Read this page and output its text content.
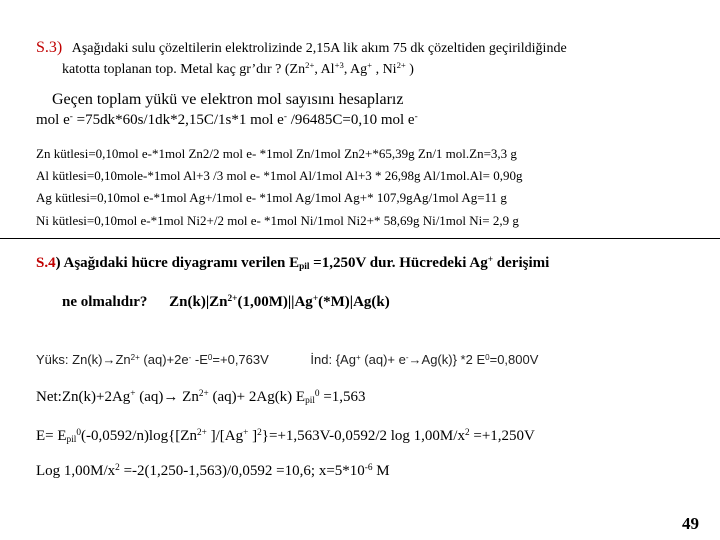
S.3) Aşağıdaki sulu çözeltilerin elektrolizinde 2,15A lik akım 75 dk çözeltiden geçirildiğinde
katotta toplanan top. Metal kaç gr’dır ? ($Zn^{2+}$, $Al^{+3}$, Ag+ , $Ni^{2+}$ )
Geçen toplam yükü ve elektron mol sayısını hesaplarız
mol e- =75dk*60s/1dk*2,15C/1s*1 mol e- /96485C=0,10 mol e-
Zn kütlesi=0,10mol e-*1mol Zn2/2 mol e- *1mol Zn/1mol Zn2+*65,39g Zn/1 mol.Zn=3,3 g
Al kütlesi=0,10mole-*1mol Al+3 /3 mol e- *1mol Al/1mol Al+3 * 26,98g Al/1mol.Al= 0,90g
Ag kütlesi=0,10mol e-*1mol Ag+/1mol e- *1mol Ag/1mol Ag+* 107,9gAg/1mol Ag=11 g
Ni kütlesi=0,10mol e-*1mol Ni2+/2 mol e- *1mol Ni/1mol Ni2+* 58,69g Ni/1mol Ni= 2,9 g
S.4) Aşağıdaki hücre diyagramı verilen $E_{pil} =1,250V$ dur. Hücredeki Ag+ derişimi
ne olmalıdır? $Zn(k)|Zn^{2+}(1,00M)||Ag^+(*M)|Ag(k)$
Yüks: $Zn(k)\to Zn^{2+}$ (aq)+2e- $-E^0=+0,763V$	İnd: {Ag+ (aq)+ e-→Ag(k)} *2 $E^0=0,800V$
Net:Zn(k)+2Ag+ $(aq)\to Zn^{2+}$ (aq)+ 2Ag(k) $E_{pil}^0 =1,563$
$E= E_{pil}^0(-0,0592/n)\log\{[Zn^{2+}$ ]/[Ag+ ]$^2$}=+1,563V-0,0592/2 $\log 1,00M/x^2 =+1,250V$
Log $1,00M/x^2 =-2(1,250-1,563)/0,0592 =10,6$; $x=5*10^{-6}$ M
49
